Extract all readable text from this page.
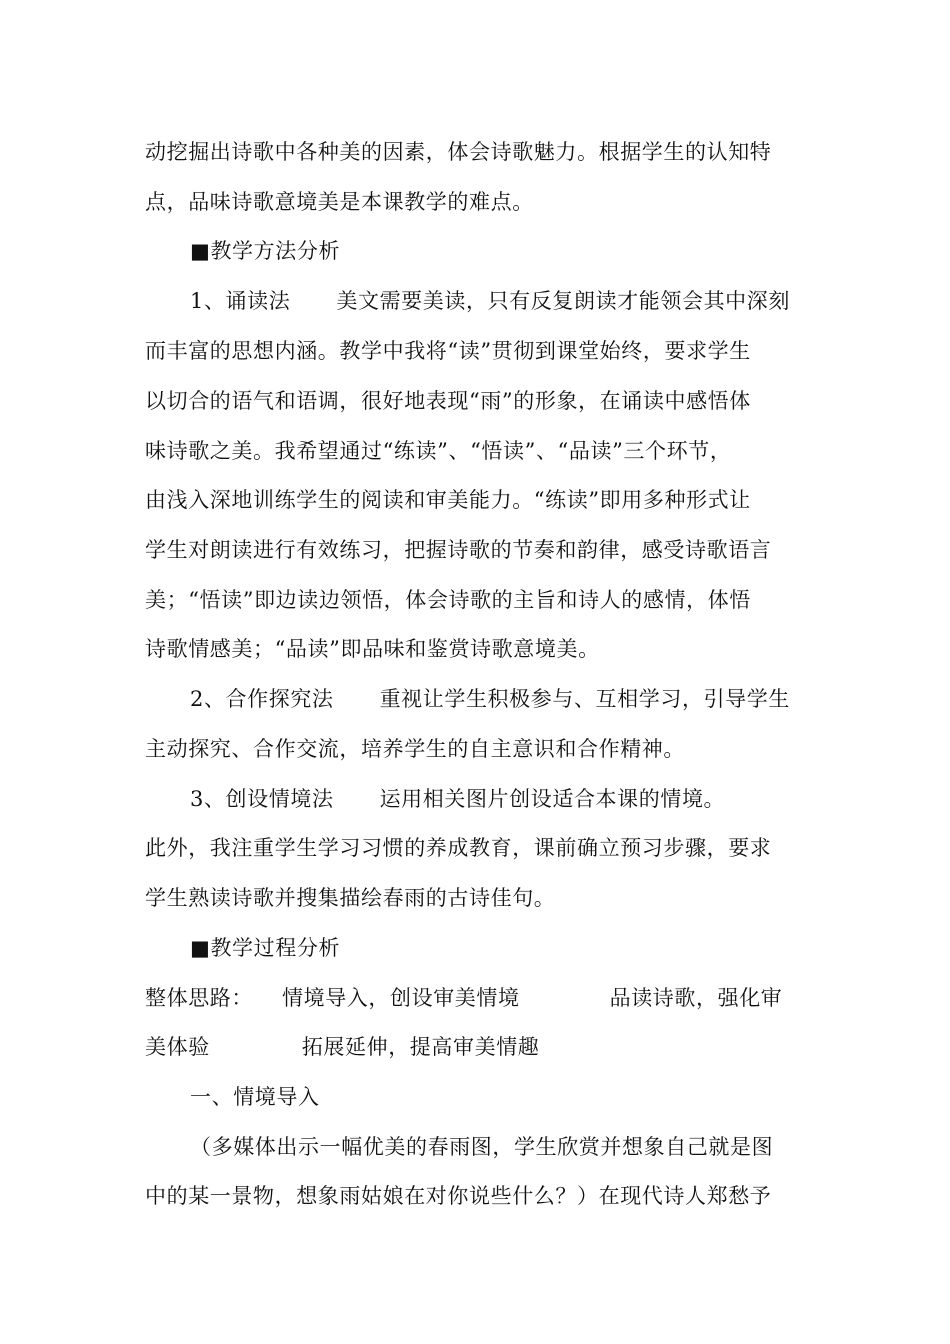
动挖掘出诗歌中各种美的因素，体会诗歌魅力。根据学生的认知特
点，品味诗歌意境美是本课教学的难点。
■教学方法分析
1、诵读法 美文需要美读，只有反复朗读才能领会其中深刻
而丰富的思想内涵。教学中我将“读”贯彻到课堂始终，要求学生
以切合的语气和语调，很好地表现“雨”的形象，在诵读中感悟体
味诗歌之美。我希望通过“练读”、“悟读”、“品读”三个环节，
由浅入深地训练学生的阅读和审美能力。“练读”即用多种形式让
学生对朗读进行有效练习，把握诗歌的节奏和韵律，感受诗歌语言
美；“悟读”即边读边领悟，体会诗歌的主旨和诗人的感情，体悟
诗歌情感美；“品读”即品味和鉴赏诗歌意境美。
2、合作探究法 重视让学生积极参与、互相学习，引导学生
主动探究、合作交流，培养学生的自主意识和合作精神。
3、创设情境法 运用相关图片创设适合本课的情境。
此外，我注重学生学习习惯的养成教育，课前确立预习步骤，要求
学生熟读诗歌并搜集描绘春雨的古诗佳句。
■教学过程分析
整体思路： 情境导入，创设审美情境	品读诗歌，强化审
美体验	拓展延伸，提高审美情趣
一、情境导入
（多媒体出示一幅优美的春雨图，学生欣赏并想象自己就是图
中的某一景物，想象雨姑娘在对你说些什么？）在现代诗人郑愁予
